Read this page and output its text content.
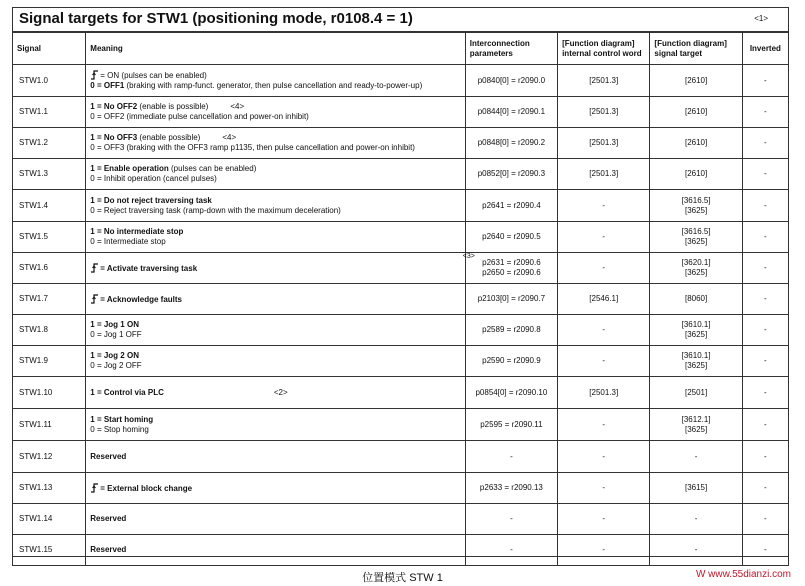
Signal targets for STW1 (positioning mode, r0108.4 = 1)	<1>
Signal	Meaning	Interconnection parameters	[Function diagram] internal control word	[Function diagram] signal target	Inverted
STW1.0	= ON (pulses can be enabled)
0 = OFF1 (braking with ramp-funct. generator, then pulse cancellation and ready-to-power-up)	p0840[0] = r2090.0	[2501.3]	[2610]	-
STW1.1	1 = No OFF2 (enable is possible) <4>
0 = OFF2 (immediate pulse cancellation and power-on inhibit)	p0844[0] = r2090.1	[2501.3]	[2610]	-
STW1.2	1 = No OFF3 (enable possible) <4>
0 = OFF3 (braking with the OFF3 ramp p1135, then pulse cancellation and power-on inhibit)	p0848[0] = r2090.2	[2501.3]	[2610]	-
STW1.3	1 = Enable operation (pulses can be enabled)
0 = Inhibit operation (cancel pulses)	p0852[0] = r2090.3	[2501.3]	[2610]	-
STW1.4	1 = Do not reject traversing task
0 = Reject traversing task (ramp-down with the maximum deceleration)	p2641 = r2090.4	-	[3616.5]
[3625]	-
STW1.5	1 = No intermediate stop
0 = Intermediate stop	p2640 = r2090.5	-	[3616.5]
[3625]	-
STW1.6	= Activate traversing task	p2631 = r2090.6
p2650 = r2090.6
<3>	-	[3620.1]
[3625]	-
STW1.7	= Acknowledge faults	p2103[0] = r2090.7	[2546.1]	[8060]	-
STW1.8	1 = Jog 1 ON
0 = Jog 1 OFF	p2589 = r2090.8	-	[3610.1]
[3625]	-
STW1.9	1 = Jog 2 ON
0 = Jog 2 OFF	p2590 = r2090.9	-	[3610.1]
[3625]	-
STW1.10	1 = Control via PLC <2>	p0854[0] = r2090.10	[2501.3]	[2501]	-
STW1.11	1 = Start homing
0 = Stop homing	p2595 = r2090.11	-	[3612.1]
[3625]	-
STW1.12	Reserved	-	-	-	-
STW1.13	= External block change	p2633 = r2090.13	-	[3615]	-
STW1.14	Reserved	-	-	-	-
STW1.15	Reserved	-	-	-	-
位置模式 STW 1	W www.55dianzi.com
